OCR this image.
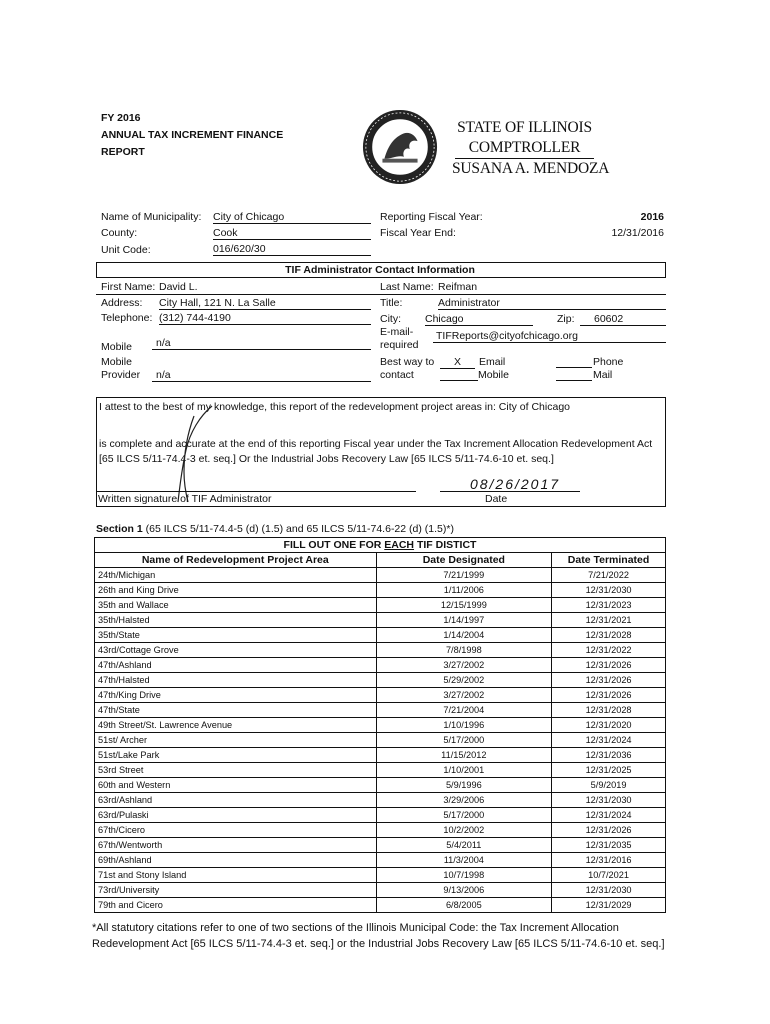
FY 2016
ANNUAL TAX INCREMENT FINANCE
REPORT
STATE OF ILLINOIS
COMPTROLLER
SUSANA A. MENDOZA
Name of Municipality: City of Chicago
County:	Cook
Unit Code:	016/620/30
Reporting Fiscal Year:	2016
Fiscal Year End:	12/31/2016
TIF Administrator Contact Information
First Name: David L.	Last Name: Reifman
Address: City Hall, 121 N. La Salle	Title:	Administrator
Telephone: (312) 744-4190	City: Chicago	Zip:	60602
Mobile	n/a
E-mail-
required
TIFReports@cityofchicago.org
Mobile
Provider	n/a
Best way to
contact
X	Email
Mobile
Phone
Mail
I attest to the best of my knowledge, this report of the redevelopment project areas in: City of Chicago
is complete and accurate at the end of this reporting Fiscal year under the Tax Increment Allocation Redevelopment Act
[65 ILCS 5/11-74.4-3 et. seq.] Or the Industrial Jobs Recovery Law [65 ILCS 5/11-74.6-10 et. seq.]
Written signature of TIF Administrator
08/26/2017
Date
Section 1 (65 ILCS 5/11-74.4-5 (d) (1.5) and 65 ILCS 5/11-74.6-22 (d) (1.5)*)
FILL OUT ONE FOR EACH TIF DISTICT		
Name of Redevelopment Project Area	Date Designated	Date Terminated
24th/Michigan	7/21/1999	7/21/2022
26th and King Drive	1/11/2006	12/31/2030
35th and Wallace	12/15/1999	12/31/2023
35th/Halsted	1/14/1997	12/31/2021
35th/State	1/14/2004	12/31/2028
43rd/Cottage Grove	7/8/1998	12/31/2022
47th/Ashland	3/27/2002	12/31/2026
47th/Halsted	5/29/2002	12/31/2026
47th/King Drive	3/27/2002	12/31/2026
47th/State	7/21/2004	12/31/2028
49th Street/St. Lawrence Avenue	1/10/1996	12/31/2020
51st/ Archer	5/17/2000	12/31/2024
51st/Lake Park	11/15/2012	12/31/2036
53rd Street	1/10/2001	12/31/2025
60th and Western	5/9/1996	5/9/2019
63rd/Ashland	3/29/2006	12/31/2030
63rd/Pulaski	5/17/2000	12/31/2024
67th/Cicero	10/2/2002	12/31/2026
67th/Wentworth	5/4/2011	12/31/2035
69th/Ashland	11/3/2004	12/31/2016
71st and Stony Island	10/7/1998	10/7/2021
73rd/University	9/13/2006	12/31/2030
79th and Cicero	6/8/2005	12/31/2029
*All statutory citations refer to one of two sections of the Illinois Municipal Code: the Tax Increment Allocation Redevelopment Act [65 ILCS 5/11-74.4-3 et. seq.] or the Industrial Jobs Recovery Law [65 ILCS 5/11-74.6-10 et. seq.]
